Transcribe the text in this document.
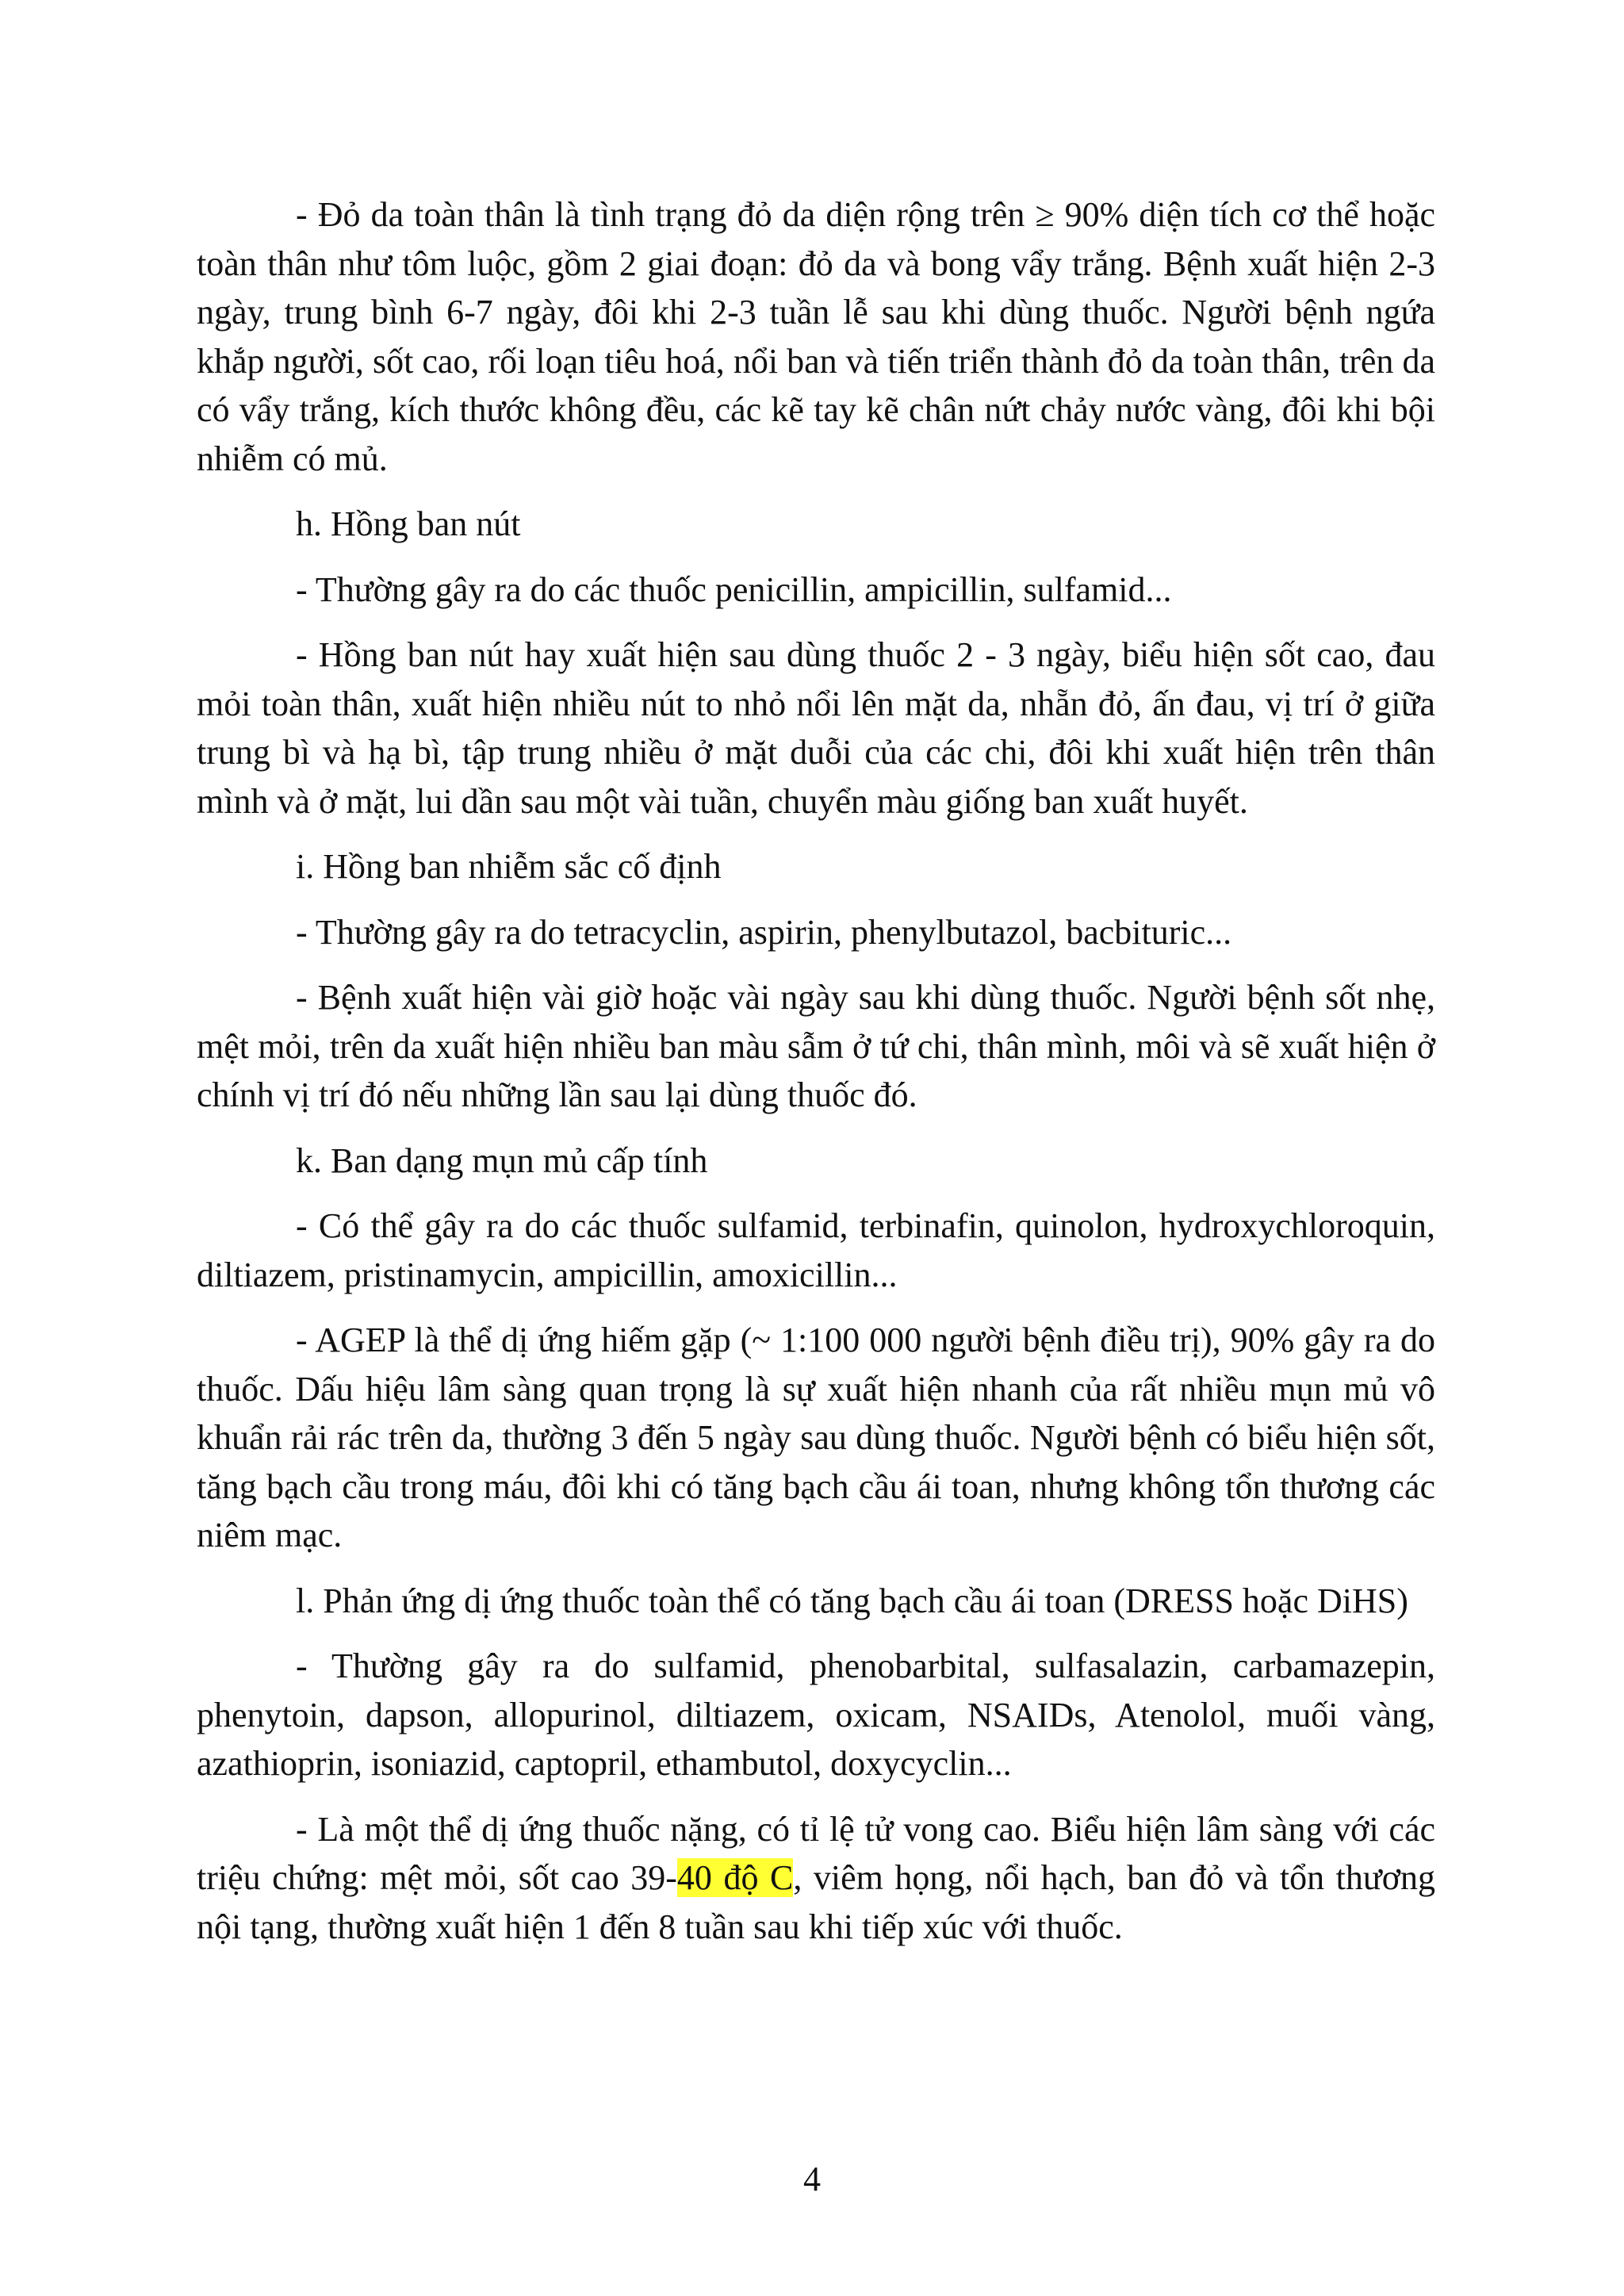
- Đỏ da toàn thân là tình trạng đỏ da diện rộng trên ≥ 90% diện tích cơ thể hoặc toàn thân như tôm luộc, gồm 2 giai đoạn: đỏ da và bong vẩy trắng. Bệnh xuất hiện 2-3 ngày, trung bình 6-7 ngày, đôi khi 2-3 tuần lễ sau khi dùng thuốc. Người bệnh ngứa khắp người, sốt cao, rối loạn tiêu hoá, nổi ban và tiến triển thành đỏ da toàn thân, trên da có vẩy trắng, kích thước không đều, các kẽ tay kẽ chân nứt chảy nước vàng, đôi khi bội nhiễm có mủ.

h. Hồng ban nút

- Thường gây ra do các thuốc penicillin, ampicillin, sulfamid...

- Hồng ban nút hay xuất hiện sau dùng thuốc 2 - 3 ngày, biểu hiện sốt cao, đau mỏi toàn thân, xuất hiện nhiều nút to nhỏ nổi lên mặt da, nhẵn đỏ, ấn đau, vị trí ở giữa trung bì và hạ bì, tập trung nhiều ở mặt duỗi của các chi, đôi khi xuất hiện trên thân mình và ở mặt, lui dần sau một vài tuần, chuyển màu giống ban xuất huyết.

i. Hồng ban nhiễm sắc cố định

- Thường gây ra do tetracyclin, aspirin, phenylbutazol, bacbituric...

- Bệnh xuất hiện vài giờ hoặc vài ngày sau khi dùng thuốc. Người bệnh sốt nhẹ, mệt mỏi, trên da xuất hiện nhiều ban màu sẫm ở tứ chi, thân mình, môi và sẽ xuất hiện ở chính vị trí đó nếu những lần sau lại dùng thuốc đó.

k. Ban dạng mụn mủ cấp tính

- Có thể gây ra do các thuốc sulfamid, terbinafin, quinolon, hydroxychloroquin, diltiazem, pristinamycin, ampicillin, amoxicillin...

- AGEP là thể dị ứng hiếm gặp (~ 1:100 000 người bệnh điều trị), 90% gây ra do thuốc. Dấu hiệu lâm sàng quan trọng là sự xuất hiện nhanh của rất nhiều mụn mủ vô khuẩn rải rác trên da, thường 3 đến 5 ngày sau dùng thuốc. Người bệnh có biểu hiện sốt, tăng bạch cầu trong máu, đôi khi có tăng bạch cầu ái toan, nhưng không tổn thương các niêm mạc.

l. Phản ứng dị ứng thuốc toàn thể có tăng bạch cầu ái toan (DRESS hoặc DiHS)

- Thường gây ra do sulfamid, phenobarbital, sulfasalazin, carbamazepin, phenytoin, dapson, allopurinol, diltiazem, oxicam, NSAIDs, Atenolol, muối vàng, azathioprin, isoniazid, captopril, ethambutol, doxycyclin...

- Là một thể dị ứng thuốc nặng, có tỉ lệ tử vong cao. Biểu hiện lâm sàng với các triệu chứng: mệt mỏi, sốt cao 39-40 độ C, viêm họng, nổi hạch, ban đỏ và tổn thương nội tạng, thường xuất hiện 1 đến 8 tuần sau khi tiếp xúc với thuốc.

4
